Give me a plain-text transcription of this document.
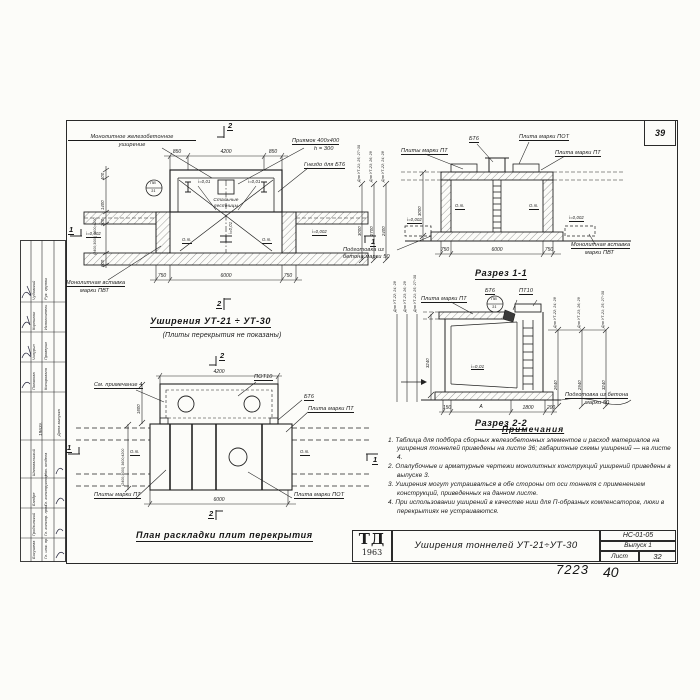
39
Чудовский Рук. группы
Корнилюк Исполнитель
Чипурин Проверил
Полякова Копировала
1963г.
Шаповальский Нач. отдела
Бандре Гл. конструктор
Гродзинский Гл. констр. прол.
Богушева Гл. инж. пр.
Дата выпуска
Монолитное железобетонное
уширение
Приямок 400х400
h = 300
Гнездо для БТ6
Стальные
лестницы
Монолитная вставка
марки ПВТ
ПВ
31
i=0,01	i=0,01
i=0,01
i=0,002	i=0,002
О.т.	О.т.
850	4200	850
750	6000	750
400
1400
300
(2400;3000) 3600;4200
600
2
2
1
1
Уширения УТ-21 ÷ УТ-30
(Плиты перекрытия не показаны)
Для УТ-21; 25; 27÷30 Для УТ-23; 26; 29 Для УТ-22; 24; 28
3000 2700 2400
Плиты марки ПТ
БТ6	Плита марки ПОТ
Плита марки ПТ
О.т.	О.т.
i=0,002	i=0,002
750	6000	750
3000
Монолитная вставка
марки ПВТ
Разрез 1-1
Подготовка из бетона марки 50
Для УТ-22; 24; 28 Для УТ-23; 26; 29 Для УТ-21; 25; 27÷30 Плита марки ПТ
БТ6	ПТ10
ПВ
31
i=0,01
150	А	1800	200
3240
Подготовка из бетона
марки 50
Разрез 2-2
Для УТ-22; 24; 28	Для УТ-23; 26; 29	Для УТ-21; 25; 27÷30
2640	2940	3240
См. примечание 4
ПОТ10
БТ6
Плита марки ПТ
О.т.	О.т.
Плиты марки ПТ	Плита марки ПОТ
4200
6000
1800
(2400;3000) 3600;4200
2
2
1
1
План раскладки плит перекрытия
Примечания
1. Таблица для подбора сборных железобетонных элементов и расход материалов на уширения тоннелей приведены на листе 36; габаритные схемы уширений — на листе 4.
2. Опалубочные и арматурные чертежи монолитных конструкций уширений приведены в выпуске 3.
3. Уширения могут устраиваться в обе стороны от оси тоннеля с применением конструкций, приведенных на данном листе.
4. При использовании уширений в качестве ниш для П-образных компенсаторов, люки в перекрытиях не устраиваются.
ТД
1963
Уширения тоннелей УТ-21÷УТ-30
НС-01-05
Выпуск 1
Лист	32
7223 40
